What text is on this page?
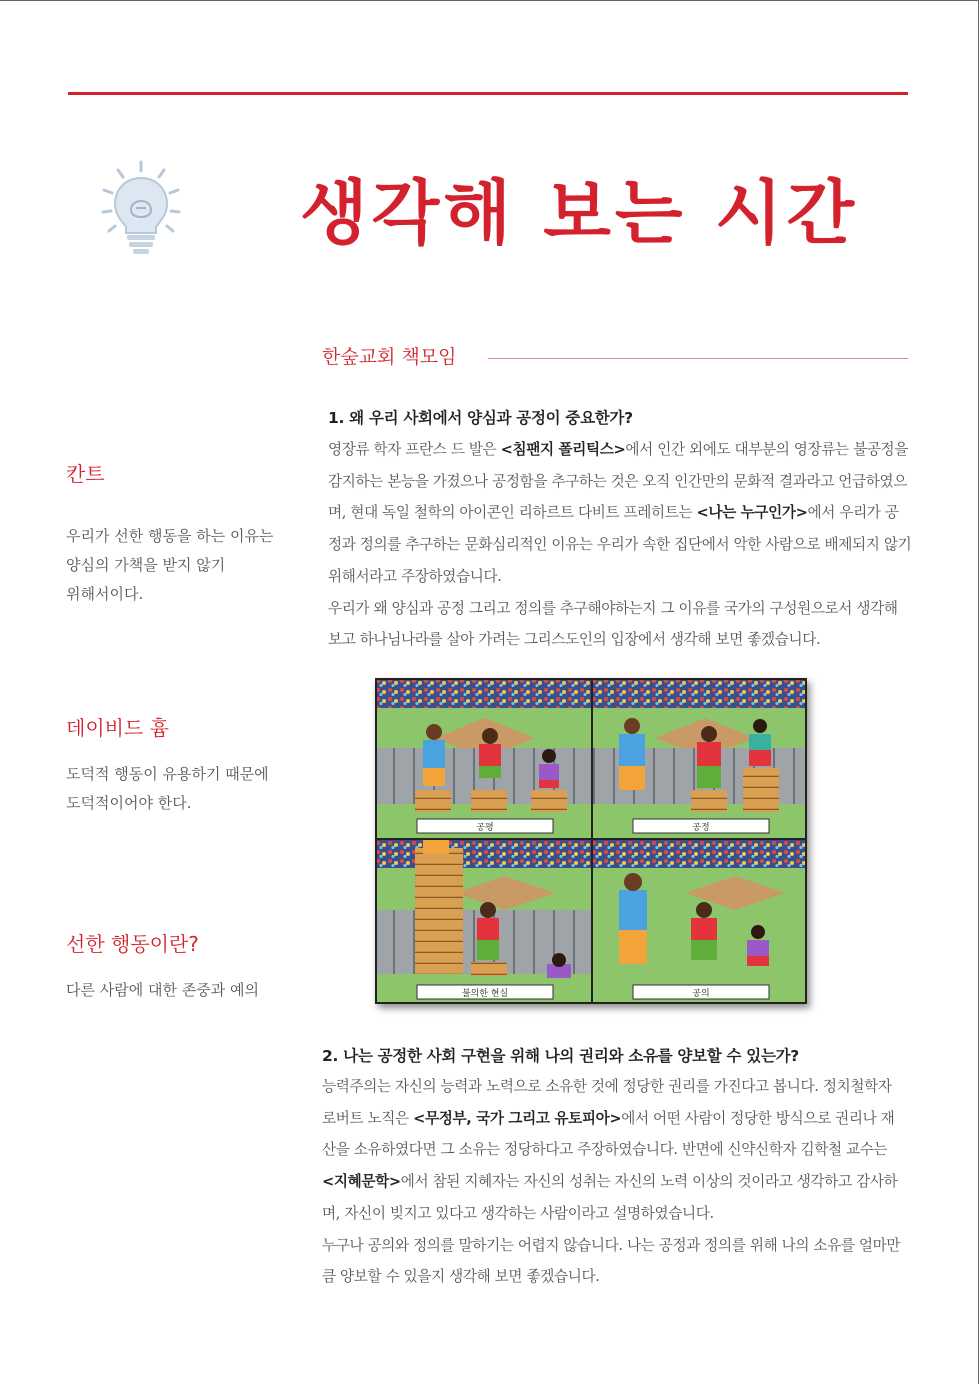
생각해 보는 시간
한숲교회 책모임
칸트
우리가 선한 행동을 하는 이유는 양심의 가책을 받지 않기 위해서이다.
데이비드 흄
도덕적 행동이 유용하기 때문에 도덕적이어야 한다.
선한 행동이란?
다른 사람에 대한 존중과 예의
1. 왜 우리 사회에서 양심과 공정이 중요한가?

영장류 학자 프란스 드 발은 <침팬지 폴리틱스>에서 인간 외에도 대부분의 영장류는 불공정을 감지하는 본능을 가졌으나 공정함을 추구하는 것은 오직 인간만의 문화적 결과라고 언급하였으며, 현대 독일 철학의 아이콘인 리하르트 다비트 프레히트는 <나는 누구인가>에서 우리가 공정과 정의를 추구하는 문화심리적인 이유는 우리가 속한 집단에서 악한 사람으로 배제되지 않기 위해서라고 주장하였습니다.

우리가 왜 양심과 공정 그리고 정의를 추구해야하는지 그 이유를 국가의 구성원으로서 생각해 보고 하나님나라를 살아 가려는 그리스도인의 입장에서 생각해 보면 좋겠습니다.

공평	공정
불의한 현실	공의
2. 나는 공정한 사회 구현을 위해 나의 권리와 소유를 양보할 수 있는가?

능력주의는 자신의 능력과 노력으로 소유한 것에 정당한 권리를 가진다고 봅니다. 정치철학자 로버트 노직은 <무정부, 국가 그리고 유토피아>에서 어떤 사람이 정당한 방식으로 권리나 재산을 소유하였다면 그 소유는 정당하다고 주장하였습니다. 반면에 신약신학자 김학철 교수는 <지혜문학>에서 참된 지혜자는 자신의 성취는 자신의 노력 이상의 것이라고 생각하고 감사하며, 자신이 빚지고 있다고 생각하는 사람이라고 설명하였습니다.

누구나 공의와 정의를 말하기는 어렵지 않습니다. 나는 공정과 정의를 위해 나의 소유를 얼마만큼 양보할 수 있을지 생각해 보면 좋겠습니다.
